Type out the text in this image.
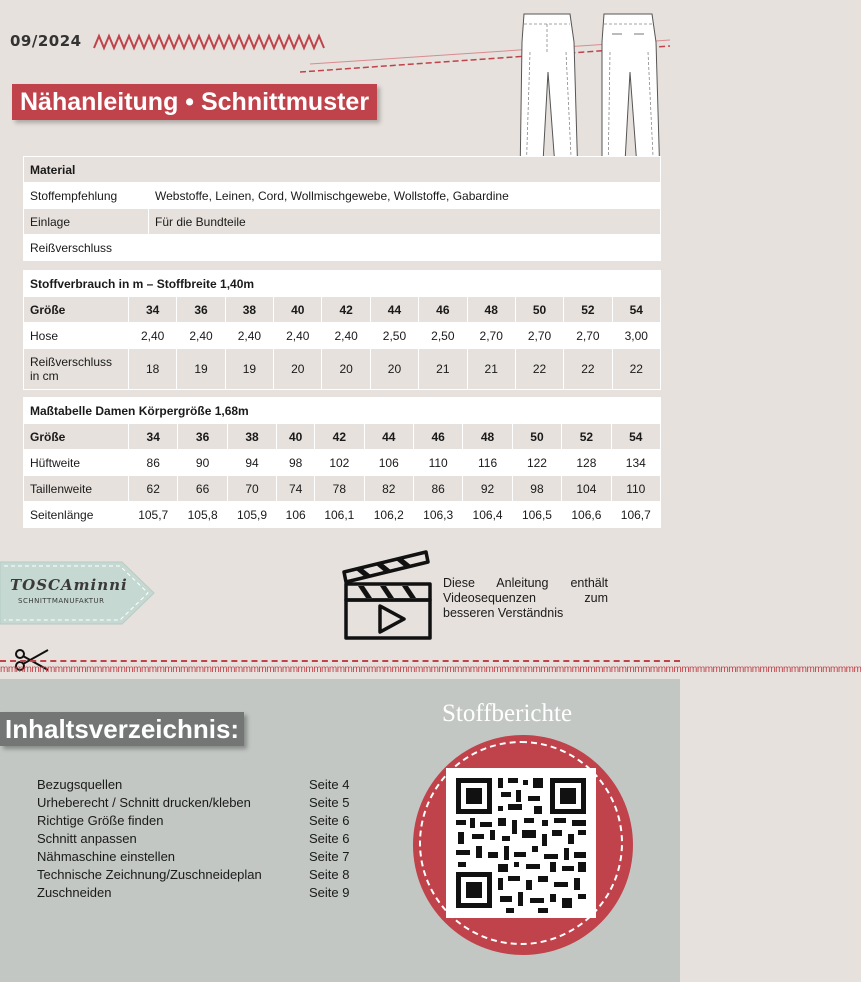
09/2024
Nähanleitung • Schnittmuster
Material	
Stoffempfehlung	Webstoffe, Leinen, Cord, Wollmischgewebe, Wollstoffe, Gabardine
Einlage	Für die Bundteile
Reißverschluss	
Stoffverbrauch in m – Stoffbreite 1,40m											
Größe	34	36	38	40	42	44	46	48	50	52	54
Hose	2,40	2,40	2,40	2,40	2,40	2,50	2,50	2,70	2,70	2,70	3,00
Reißverschluss in cm	18	19	19	20	20	20	21	21	22	22	22
Maßtabelle Damen Körpergröße 1,68m											
Größe	34	36	38	40	42	44	46	48	50	52	54
Hüftweite	86	90	94	98	102	106	110	116	122	128	134
Taillenweite	62	66	70	74	78	82	86	92	98	104	110
Seitenlänge	105,7	105,8	105,9	106	106,1	106,2	106,3	106,4	106,5	106,6	106,7
TOSCAminni
SCHNITTMANUFAKTUR
Diese Anleitung enthält Videosequenzen zum besseren Verständnis
mmmmmmmmmmmmmmmmmmmmmmmmmmmmmmmmmmmmmmmmmmmmmmmmmmmmmmmmmmmmmmmmmmmmmmmmmmmmmmmmmmmmmmmmmmmmmmmmmmmmmmmmmmmmmm
Inhaltsverzeichnis:
Bezugsquellen	Seite 4
Urheberecht / Schnitt drucken/kleben	Seite 5
Richtige Größe finden	Seite 6
Schnitt anpassen	Seite 6
Nähmaschine einstellen	Seite 7
Technische Zeichnung/Zuschneideplan	Seite 8
Zuschneiden	Seite 9
Stoffberichte
